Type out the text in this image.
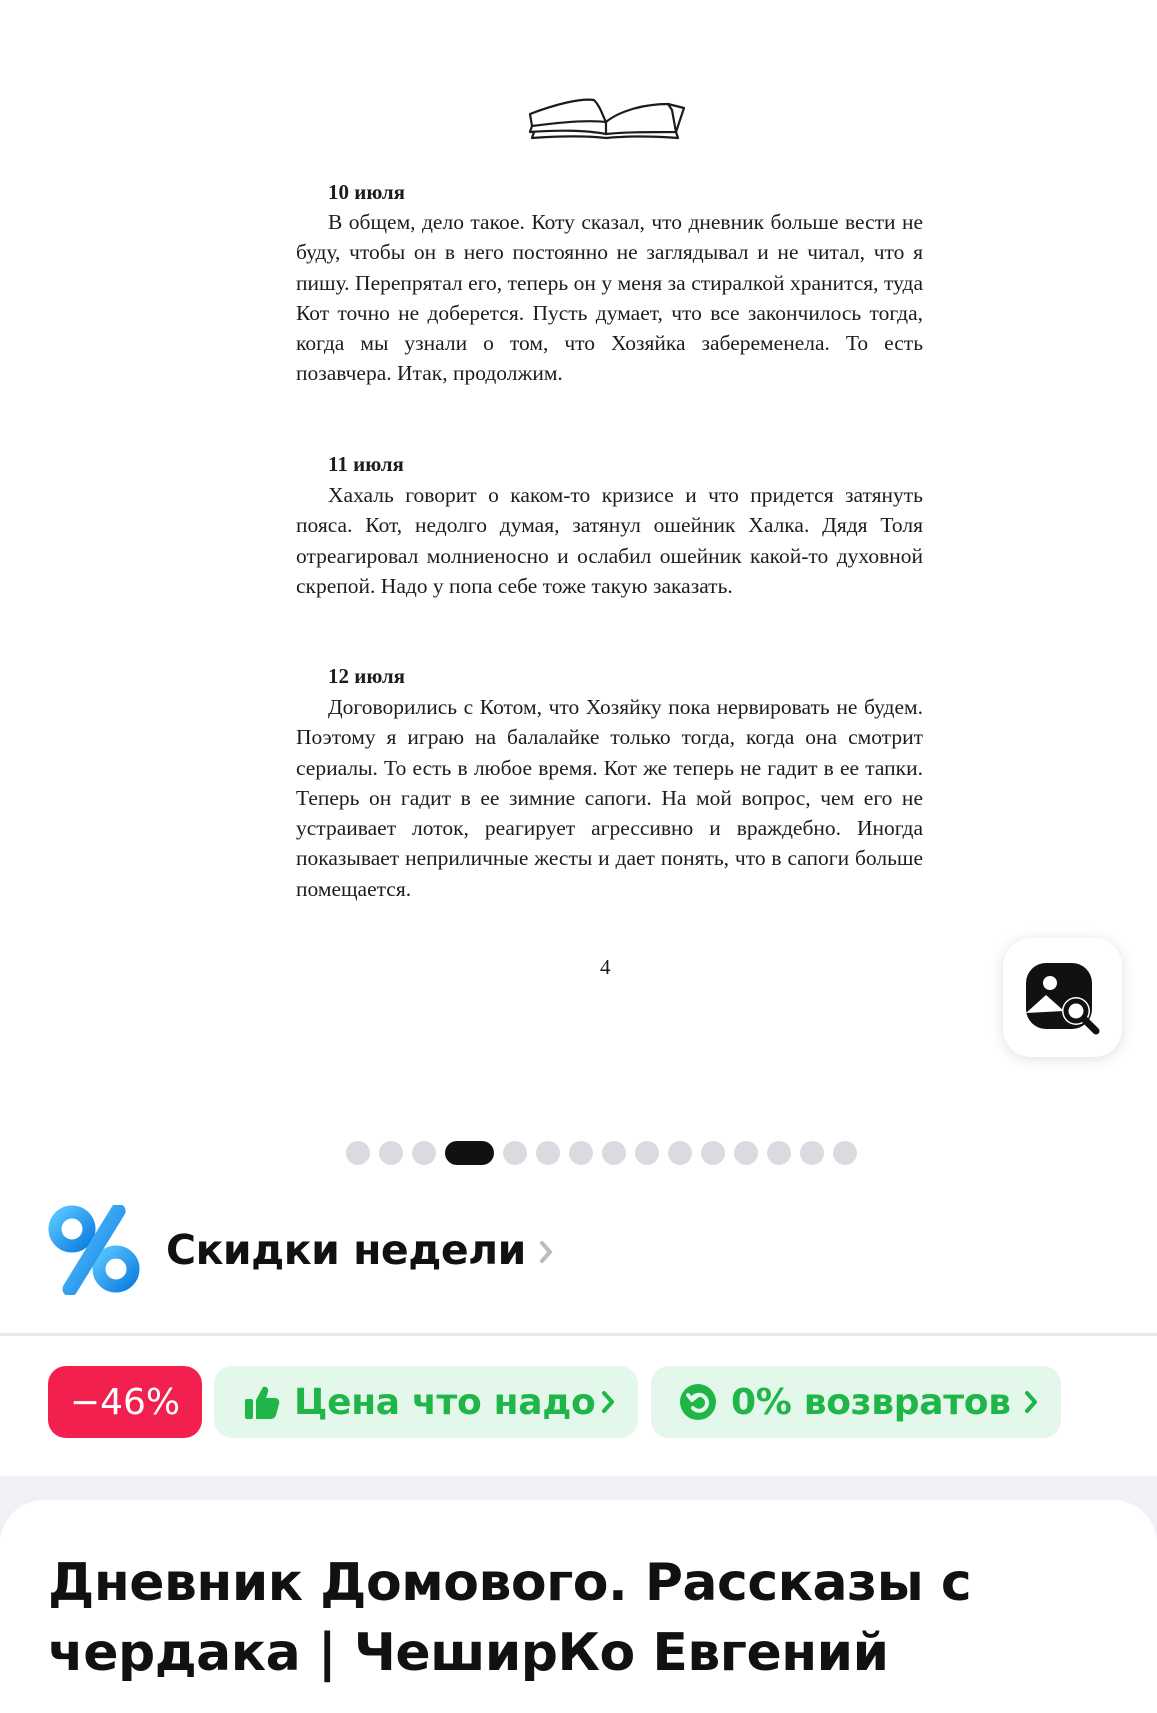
10 июля

В общем, дело такое. Коту сказал, что дневник больше вести не буду, чтобы он в него постоянно не заглядывал и не читал, что я пишу. Перепрятал его, теперь он у меня за стиралкой хранится, туда Кот точно не доберется. Пусть думает, что все закончилось тогда, когда мы узнали о том, что Хозяйка забеременела. То есть позавчера. Итак, продолжим.

11 июля

Хахаль говорит о каком-то кризисе и что придется затянуть пояса. Кот, недолго думая, затянул ошейник Халка. Дядя Толя отреагировал молниеносно и ослабил ошейник какой-то духовной скрепой. Надо у попа себе тоже такую заказать.

12 июля

Договорились с Котом, что Хозяйку пока нервировать не будем. Поэтому я играю на балалайке только тогда, когда она смотрит сериалы. То есть в любое время. Кот же теперь не гадит в ее тапки. Теперь он гадит в ее зимние сапоги. На мой вопрос, чем его не устраивает лоток, реагирует агрессивно и враждебно. Иногда показывает неприличные жесты и дает понять, что в сапоги больше помещается.

4
Скидки недели
−46%	Цена что надо	0% возвратов
Дневник Домового. Рассказы с чердака | ЧеширКо Евгений
